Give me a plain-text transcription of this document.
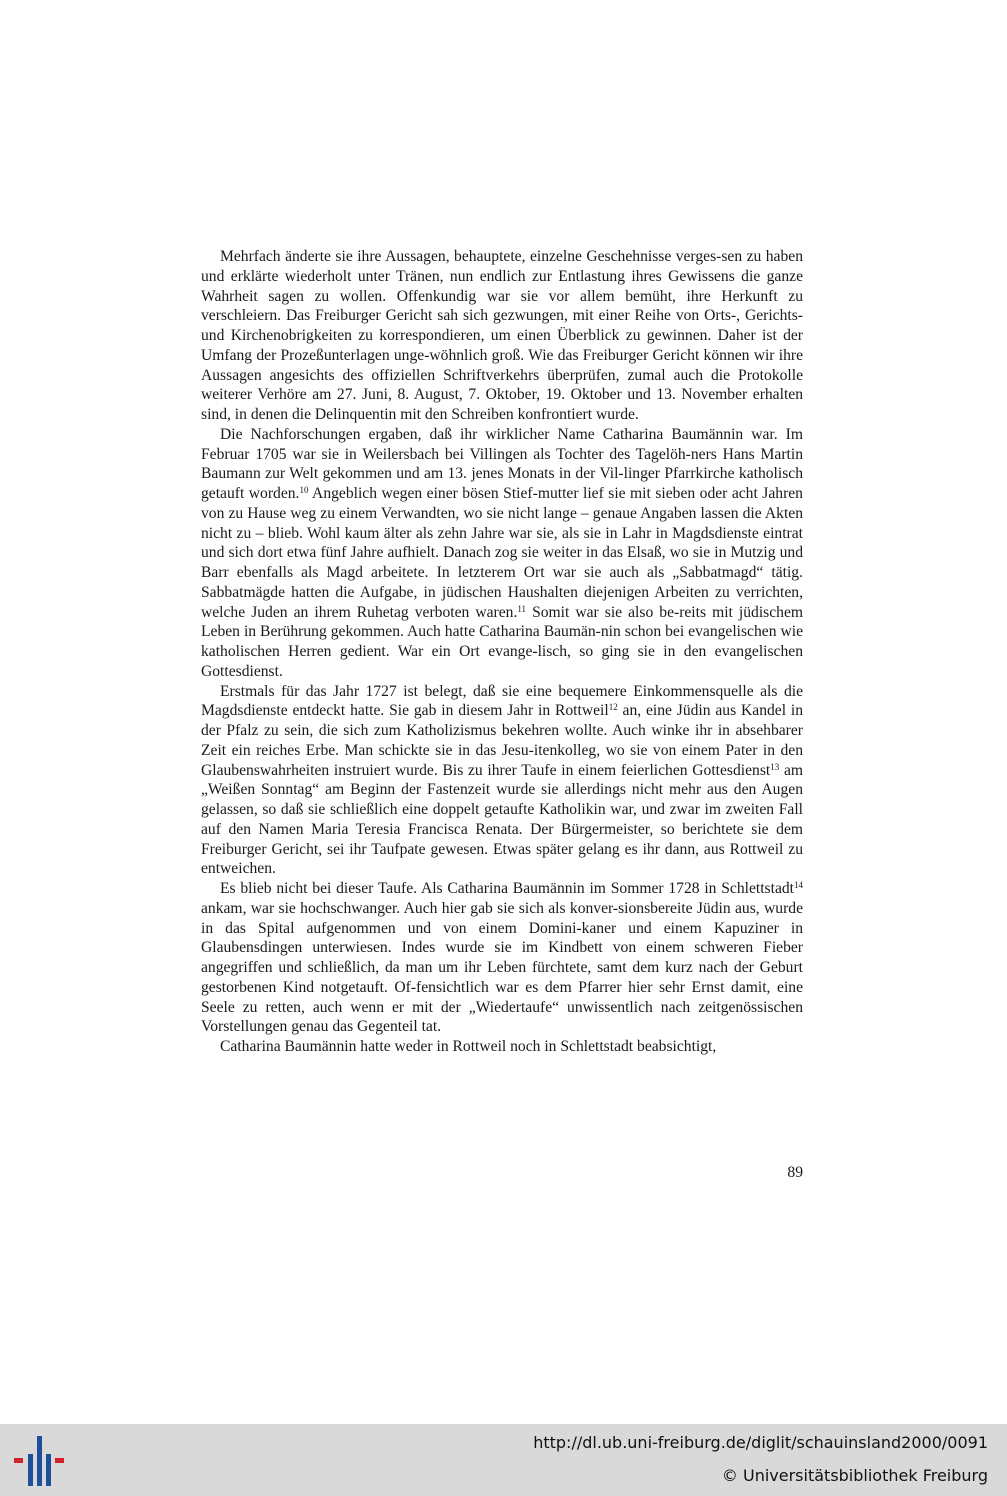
Mehrfach änderte sie ihre Aussagen, behauptete, einzelne Geschehnisse verges-sen zu haben und erklärte wiederholt unter Tränen, nun endlich zur Entlastung ihres Gewissens die ganze Wahrheit sagen zu wollen. Offenkundig war sie vor allem bemüht, ihre Herkunft zu verschleiern. Das Freiburger Gericht sah sich gezwungen, mit einer Reihe von Orts-, Gerichts- und Kirchenobrigkeiten zu korrespondieren, um einen Überblick zu gewinnen. Daher ist der Umfang der Prozeßunterlagen unge-wöhnlich groß. Wie das Freiburger Gericht können wir ihre Aussagen angesichts des offiziellen Schriftverkehrs überprüfen, zumal auch die Protokolle weiterer Verhöre am 27. Juni, 8. August, 7. Oktober, 19. Oktober und 13. November erhalten sind, in denen die Delinquentin mit den Schreiben konfrontiert wurde.

Die Nachforschungen ergaben, daß ihr wirklicher Name Catharina Baumännin war. Im Februar 1705 war sie in Weilersbach bei Villingen als Tochter des Tagelöh-ners Hans Martin Baumann zur Welt gekommen und am 13. jenes Monats in der Vil-linger Pfarrkirche katholisch getauft worden.$^{10}$ Angeblich wegen einer bösen Stief-mutter lief sie mit sieben oder acht Jahren von zu Hause weg zu einem Verwandten, wo sie nicht lange – genaue Angaben lassen die Akten nicht zu – blieb. Wohl kaum älter als zehn Jahre war sie, als sie in Lahr in Magdsdienste eintrat und sich dort etwa fünf Jahre aufhielt. Danach zog sie weiter in das Elsaß, wo sie in Mutzig und Barr ebenfalls als Magd arbeitete. In letzterem Ort war sie auch als „Sabbatmagd“ tätig. Sabbatmägde hatten die Aufgabe, in jüdischen Haushalten diejenigen Arbeiten zu verrichten, welche Juden an ihrem Ruhetag verboten waren.$^{11}$ Somit war sie also be-reits mit jüdischem Leben in Berührung gekommen. Auch hatte Catharina Baumän-nin schon bei evangelischen wie katholischen Herren gedient. War ein Ort evange-lisch, so ging sie in den evangelischen Gottesdienst.

Erstmals für das Jahr 1727 ist belegt, daß sie eine bequemere Einkommensquelle als die Magdsdienste entdeckt hatte. Sie gab in diesem Jahr in Rottweil$^{12}$ an, eine Jüdin aus Kandel in der Pfalz zu sein, die sich zum Katholizismus bekehren wollte. Auch winke ihr in absehbarer Zeit ein reiches Erbe. Man schickte sie in das Jesu-itenkolleg, wo sie von einem Pater in den Glaubenswahrheiten instruiert wurde. Bis zu ihrer Taufe in einem feierlichen Gottesdienst$^{13}$ am „Weißen Sonntag“ am Beginn der Fastenzeit wurde sie allerdings nicht mehr aus den Augen gelassen, so daß sie schließlich eine doppelt getaufte Katholikin war, und zwar im zweiten Fall auf den Namen Maria Teresia Francisca Renata. Der Bürgermeister, so berichtete sie dem Freiburger Gericht, sei ihr Taufpate gewesen. Etwas später gelang es ihr dann, aus Rottweil zu entweichen.

Es blieb nicht bei dieser Taufe. Als Catharina Baumännin im Sommer 1728 in Schlettstadt$^{14}$ ankam, war sie hochschwanger. Auch hier gab sie sich als konver-sionsbereite Jüdin aus, wurde in das Spital aufgenommen und von einem Domini-kaner und einem Kapuziner in Glaubensdingen unterwiesen. Indes wurde sie im Kindbett von einem schweren Fieber angegriffen und schließlich, da man um ihr Leben fürchtete, samt dem kurz nach der Geburt gestorbenen Kind notgetauft. Of-fensichtlich war es dem Pfarrer hier sehr Ernst damit, eine Seele zu retten, auch wenn er mit der „Wiedertaufe“ unwissentlich nach zeitgenössischen Vorstellungen genau das Gegenteil tat.

Catharina Baumännin hatte weder in Rottweil noch in Schlettstadt beabsichtigt,

89
http://dl.ub.uni-freiburg.de/diglit/schauinsland2000/0091
© Universitätsbibliothek Freiburg
